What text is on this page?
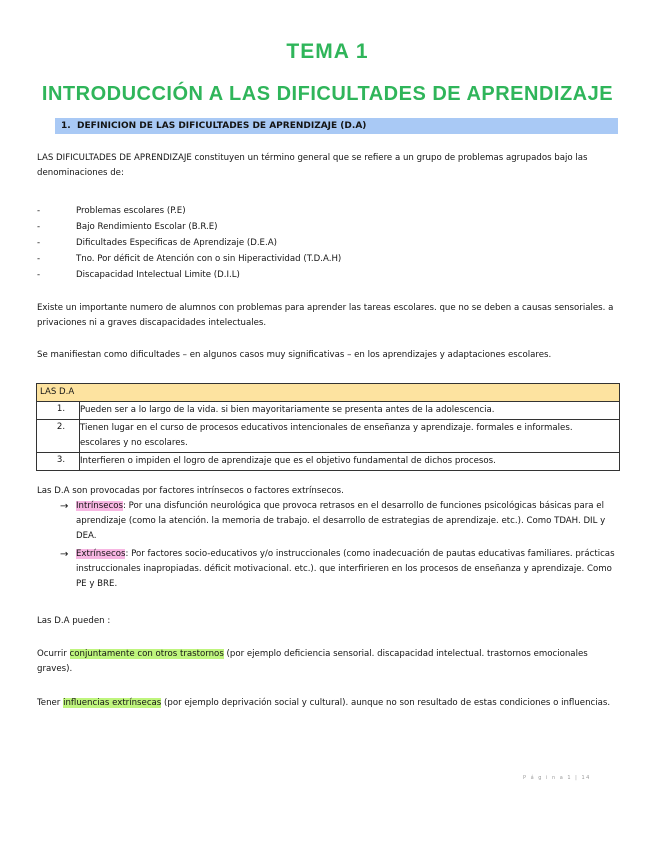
TEMA 1
INTRODUCCIÓN A LAS DIFICULTADES DE APRENDIZAJE
1. DEFINICION DE LAS DIFICULTADES DE APRENDIZAJE (D.A)
LAS DIFICULTADES DE APRENDIZAJE constituyen un término general que se refiere a un grupo de problemas agrupados bajo las denominaciones de:
-	Problemas escolares (P.E)
-	Bajo Rendimiento Escolar (B.R.E)
-	Dificultades Especificas de Aprendizaje (D.E.A)
-	Tno. Por déficit de Atención con o sin Hiperactividad (T.D.A.H)
-	Discapacidad Intelectual Limite (D.I.L)
Existe un importante numero de alumnos con problemas para aprender las tareas escolares. que no se deben a causas sensoriales. a privaciones ni a graves discapacidades intelectuales.
Se manifiestan como dificultades – en algunos casos muy significativas – en los aprendizajes y adaptaciones escolares.
LAS D.A	
1.	Pueden ser a lo largo de la vida. si bien mayoritariamente se presenta antes de la adolescencia.
2.	Tienen lugar en el curso de procesos educativos intencionales de enseñanza y aprendizaje. formales e informales. escolares y no escolares.
3.	Interfieren o impiden el logro de aprendizaje que es el objetivo fundamental de dichos procesos.
Las D.A son provocadas por factores intrínsecos o factores extrínsecos.
→ Intrínsecos: Por una disfunción neurológica que provoca retrasos en el desarrollo de funciones psicológicas básicas para el aprendizaje (como la atención. la memoria de trabajo. el desarrollo de estrategias de aprendizaje. etc.). Como TDAH. DIL y DEA.
→ Extrínsecos: Por factores socio-educativos y/o instruccionales (como inadecuación de pautas educativas familiares. prácticas instruccionales inapropiadas. déficit motivacional. etc.). que interfirieren en los procesos de enseñanza y aprendizaje. Como PE y BRE.
Las D.A pueden :
Ocurrir conjuntamente con otros trastornos (por ejemplo deficiencia sensorial. discapacidad intelectual. trastornos emocionales graves).
Tener influencias extrínsecas (por ejemplo deprivación social y cultural). aunque no son resultado de estas condiciones o influencias.
P á g i n a 1 | 14
